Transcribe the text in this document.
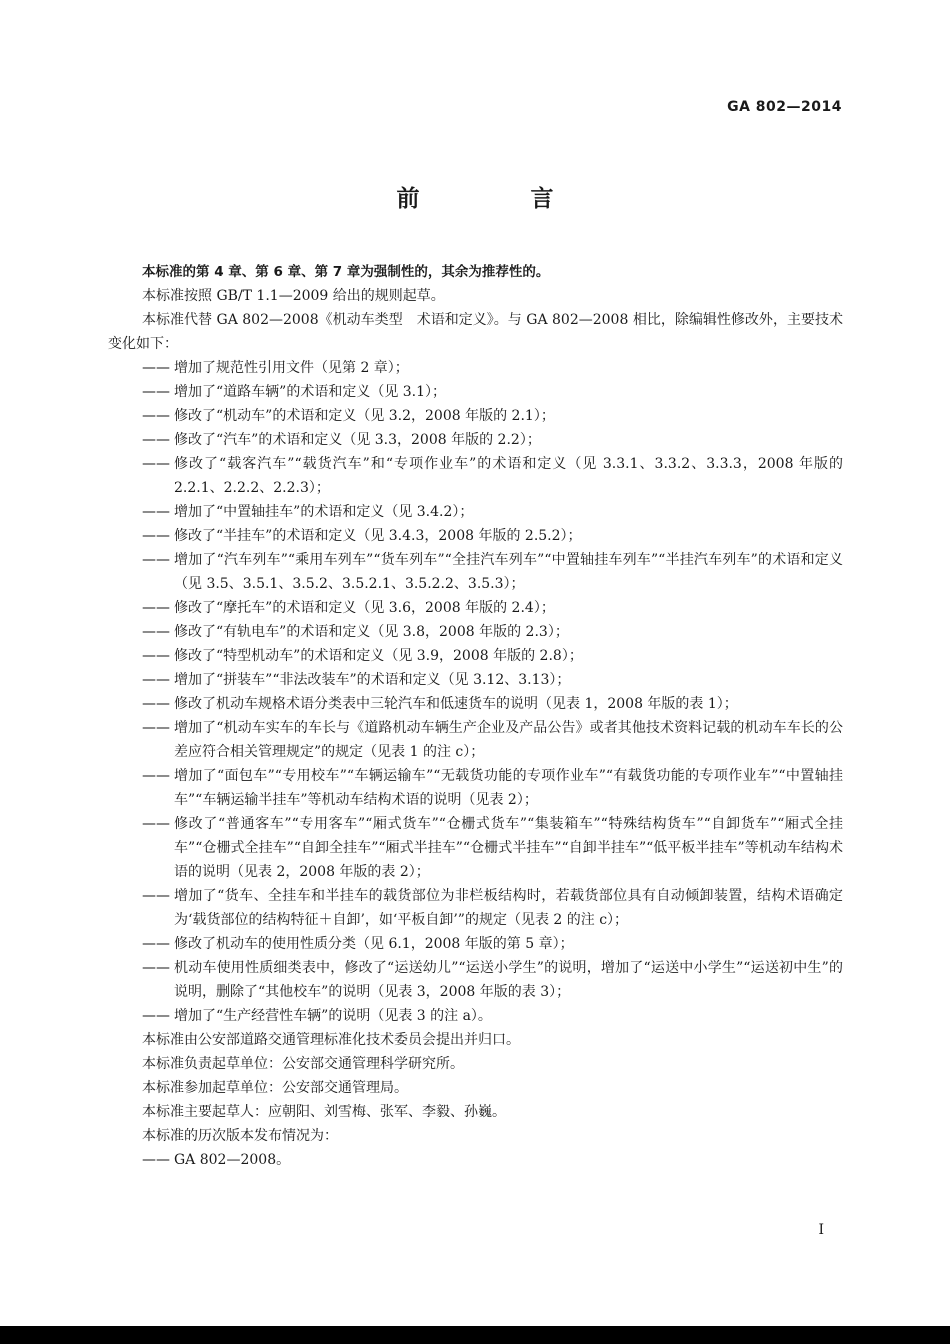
GA 802—2014
前　言

本标准的第 4 章、第 6 章、第 7 章为强制性的，其余为推荐性的。

本标准按照 GB/T 1.1—2009 给出的规则起草。

本标准代替 GA 802—2008《机动车类型　术语和定义》。与 GA 802—2008 相比，除编辑性修改外，主要技术变化如下：

—— 增加了规范性引用文件（见第 2 章）；
—— 增加了“道路车辆”的术语和定义（见 3.1）；
—— 修改了“机动车”的术语和定义（见 3.2，2008 年版的 2.1）；
—— 修改了“汽车”的术语和定义（见 3.3，2008 年版的 2.2）；
—— 修改了“载客汽车”“载货汽车”和“专项作业车”的术语和定义（见 3.3.1、3.3.2、3.3.3，2008 年版的 2.2.1、2.2.2、2.2.3）；
—— 增加了“中置轴挂车”的术语和定义（见 3.4.2）；
—— 修改了“半挂车”的术语和定义（见 3.4.3，2008 年版的 2.5.2）；
—— 增加了“汽车列车”“乘用车列车”“货车列车”“全挂汽车列车”“中置轴挂车列车”“半挂汽车列车”的术语和定义（见 3.5、3.5.1、3.5.2、3.5.2.1、3.5.2.2、3.5.3）；
—— 修改了“摩托车”的术语和定义（见 3.6，2008 年版的 2.4）；
—— 修改了“有轨电车”的术语和定义（见 3.8，2008 年版的 2.3）；
—— 修改了“特型机动车”的术语和定义（见 3.9，2008 年版的 2.8）；
—— 增加了“拼装车”“非法改装车”的术语和定义（见 3.12、3.13）；
—— 修改了机动车规格术语分类表中三轮汽车和低速货车的说明（见表 1，2008 年版的表 1）；
—— 增加了“机动车实车的车长与《道路机动车辆生产企业及产品公告》或者其他技术资料记载的机动车车长的公差应符合相关管理规定”的规定（见表 1 的注 c）；
—— 增加了“面包车”“专用校车”“车辆运输车”“无载货功能的专项作业车”“有载货功能的专项作业车”“中置轴挂车”“车辆运输半挂车”等机动车结构术语的说明（见表 2）；
—— 修改了“普通客车”“专用客车”“厢式货车”“仓栅式货车”“集装箱车”“特殊结构货车”“自卸货车”“厢式全挂车”“仓栅式全挂车”“自卸全挂车”“厢式半挂车”“仓栅式半挂车”“自卸半挂车”“低平板半挂车”等机动车结构术语的说明（见表 2，2008 年版的表 2）；
—— 增加了“货车、全挂车和半挂车的载货部位为非栏板结构时，若载货部位具有自动倾卸装置，结构术语确定为‘载货部位的结构特征＋自卸’，如‘平板自卸’”的规定（见表 2 的注 c）；
—— 修改了机动车的使用性质分类（见 6.1，2008 年版的第 5 章）；
—— 机动车使用性质细类表中，修改了“运送幼儿”“运送小学生”的说明，增加了“运送中小学生”“运送初中生”的说明，删除了“其他校车”的说明（见表 3，2008 年版的表 3）；
—— 增加了“生产经营性车辆”的说明（见表 3 的注 a）。

本标准由公安部道路交通管理标准化技术委员会提出并归口。

本标准负责起草单位：公安部交通管理科学研究所。

本标准参加起草单位：公安部交通管理局。

本标准主要起草人：应朝阳、刘雪梅、张军、李毅、孙巍。

本标准的历次版本发布情况为：

—— GA 802—2008。
I
